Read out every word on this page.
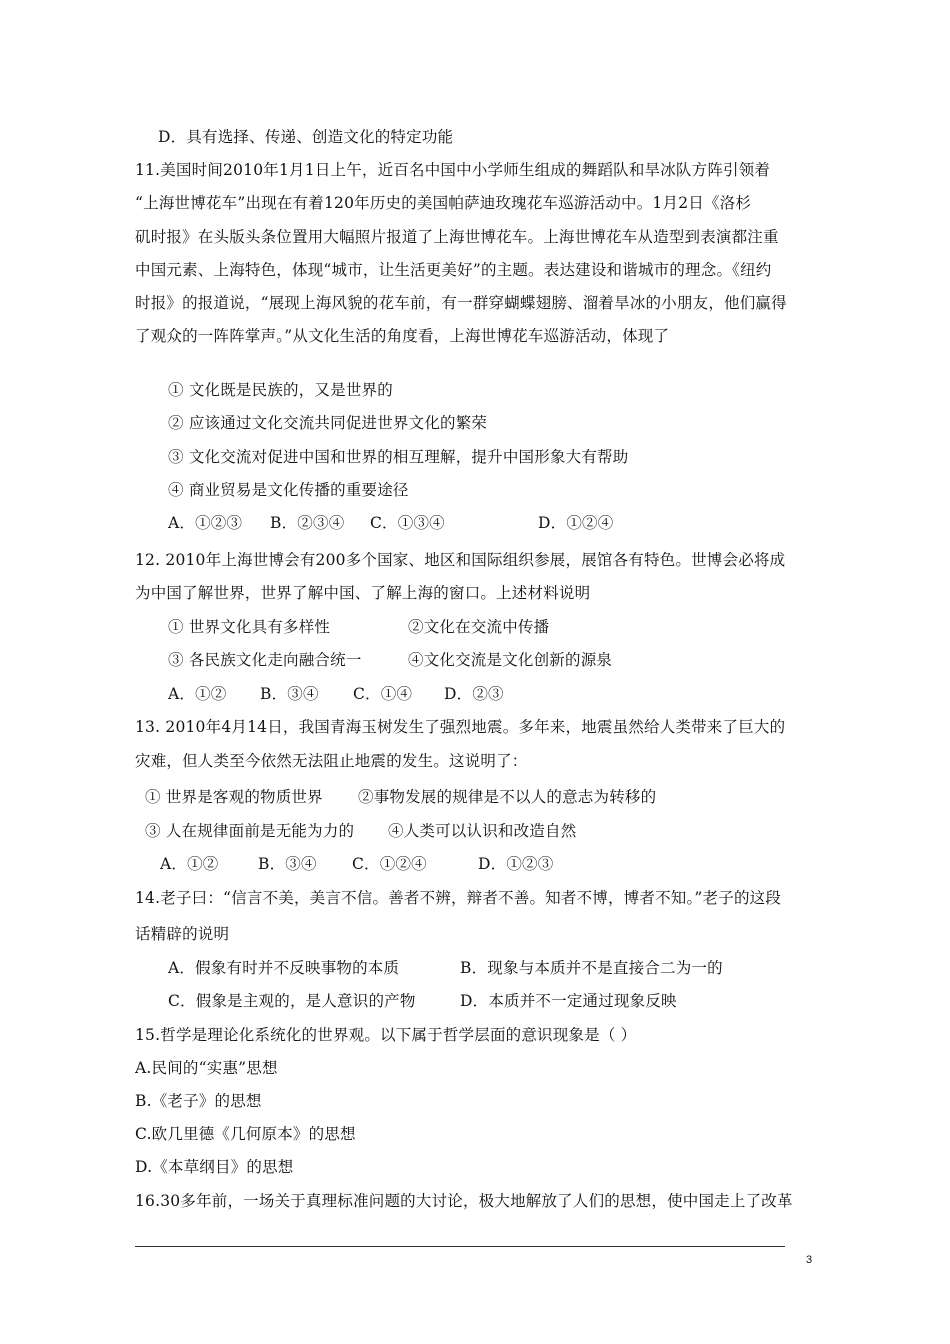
D．具有选择、传递、创造文化的特定功能
11.美国时间2010年1月1日上午，近百名中国中小学师生组成的舞蹈队和旱冰队方阵引领着
“上海世博花车”出现在有着120年历史的美国帕萨迪玫瑰花车巡游活动中。1月2日《洛杉
矶时报》在头版头条位置用大幅照片报道了上海世博花车。上海世博花车从造型到表演都注重
中国元素、上海特色，体现“城市，让生活更美好”的主题。表达建设和谐城市的理念。《纽约
时报》的报道说，“展现上海风貌的花车前，有一群穿蝴蝶翅膀、溜着旱冰的小朋友，他们赢得
了观众的一阵阵掌声。”从文化生活的角度看，上海世博花车巡游活动，体现了
① 文化既是民族的，又是世界的
② 应该通过文化交流共同促进世界文化的繁荣
③ 文化交流对促进中国和世界的相互理解，提升中国形象大有帮助
④ 商业贸易是文化传播的重要途径
A．①②③ B．②③④ C．①③④	D．①②④
12. 2010年上海世博会有200多个国家、地区和国际组织参展，展馆各有特色。世博会必将成
为中国了解世界，世界了解中国、了解上海的窗口。上述材料说明
① 世界文化具有多样性	②文化在交流中传播
③ 各民族文化走向融合统一	④文化交流是文化创新的源泉
A．①② B．③④ C．①④ D．②③
13. 2010年4月14日，我国青海玉树发生了强烈地震。多年来，地震虽然给人类带来了巨大的
灾难，但人类至今依然无法阻止地震的发生。这说明了：
① 世界是客观的物质世界 ②事物发展的规律是不以人的意志为转移的
③ 人在规律面前是无能为力的 ④人类可以认识和改造自然
A．①②	B．③④ C．①②④	D．①②③
14.老子曰：“信言不美，美言不信。善者不辨，辩者不善。知者不博，博者不知。”老子的这段
话精辟的说明
A．假象有时并不反映事物的本质	B．现象与本质并不是直接合二为一的
C．假象是主观的，是人意识的产物	D．本质并不一定通过现象反映
15.哲学是理论化系统化的世界观。以下属于哲学层面的意识现象是（ ）
A.民间的“实惠”思想
B.《老子》的思想
C.欧几里德《几何原本》的思想
D.《本草纲目》的思想
16.30多年前，一场关于真理标准问题的大讨论，极大地解放了人们的思想，使中国走上了改革
3
